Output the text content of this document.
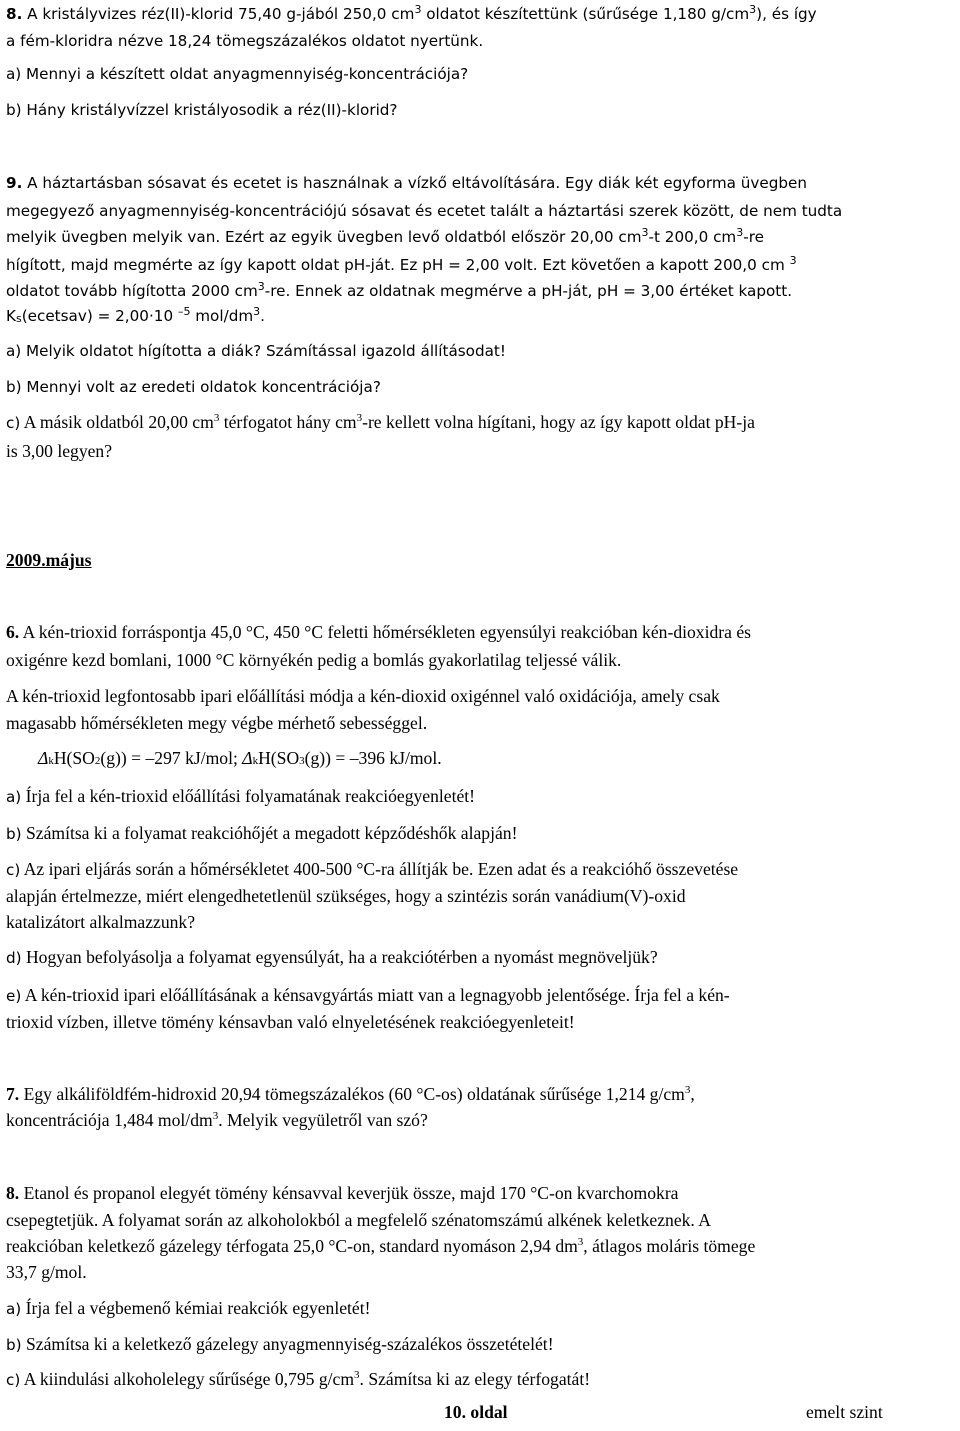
8. A kristályvizes réz(II)-klorid 75,40 g-jából 250,0 $cm^3$ oldatot készítettünk (sűrűsége 1,180 $g/cm^3$), és így
a fém-kloridra nézve 18,24 tömegszázalékos oldatot nyertünk.
a) Mennyi a készített oldat anyagmennyiség-koncentrációja?
b) Hány kristályvízzel kristályosodik a réz(II)-klorid?
9. A háztartásban sósavat és ecetet is használnak a vízkő eltávolítására. Egy diák két egyforma üvegben
megegyező anyagmennyiség-koncentrációjú sósavat és ecetet talált a háztartási szerek között, de nem tudta
melyik üvegben melyik van. Ezért az egyik üvegben levő oldatból először 20,00 $cm^3-t$ 200,0 $cm^3-re$
hígított, majd megmérte az így kapott oldat pH-ját. Ez pH = 2,00 volt. Ezt követően a kapott 200,0 cm $^3$
oldatot tovább hígította 2000 $cm^3-re$. Ennek az oldatnak megmérve a pH-ját, pH = 3,00 értéket kapott.
$K_s(ecetsav) = 2,00\cdot 10$ $^{-5}$ mol/$dm^3$.
a) Melyik oldatot hígította a diák? Számítással igazold állításodat!
b) Mennyi volt az eredeti oldatok koncentrációja?
c) A másik oldatból 20,00 $cm^3$ térfogatot hány $cm^3-re$ kellett volna hígítani, hogy az így kapott oldat pH-ja
is 3,00 legyen?
2009.május
6. A kén-trioxid forráspontja 45,0 °C, 450 °C feletti hőmérsékleten egyensúlyi reakcióban kén-dioxidra és
oxigénre kezd bomlani, 1000 °C környékén pedig a bomlás gyakorlatilag teljessé válik.
A kén-trioxid legfontosabb ipari előállítási módja a kén-dioxid oxigénnel való oxidációja, amely csak
magasabb hőmérsékleten megy végbe mérhető sebességgel.
$\Delta_kH(SO_2(g)) = -297$ kJ/mol; $\Delta_kH(SO_3(g)) = -396$ kJ/mol.
a) Írja fel a kén-trioxid előállítási folyamatának reakcióegyenletét!
b) Számítsa ki a folyamat reakcióhőjét a megadott képződéshők alapján!
c) Az ipari eljárás során a hőmérsékletet 400-500 °C-ra állítják be. Ezen adat és a reakcióhő összevetése
alapján értelmezze, miért elengedhetetlenül szükséges, hogy a szintézis során vanádium(V)-oxid
katalizátort alkalmazzunk?
d) Hogyan befolyásolja a folyamat egyensúlyát, ha a reakciótérben a nyomást megnöveljük?
e) A kén-trioxid ipari előállításának a kénsavgyártás miatt van a legnagyobb jelentősége. Írja fel a kén-
trioxid vízben, illetve tömény kénsavban való elnyeletésének reakcióegyenleteit!
7. Egy alkáliföldfém-hidroxid 20,94 tömegszázalékos (60 °C-os) oldatának sűrűsége 1,214 $g/cm^3$,
koncentrációja 1,484 mol/$dm^3$. Melyik vegyületről van szó?
8. Etanol és propanol elegyét tömény kénsavval keverjük össze, majd 170 °C-on kvarchomokra
csepegtetjük. A folyamat során az alkoholokból a megfelelő szénatomszámú alkének keletkeznek. A
reakcióban keletkező gázelegy térfogata 25,0 °C-on, standard nyomáson 2,94 $dm^3$, átlagos moláris tömege
33,7 g/mol.
a) Írja fel a végbemenő kémiai reakciók egyenletét!
b) Számítsa ki a keletkező gázelegy anyagmennyiség-százalékos összetételét!
c) A kiindulási alkoholelegy sűrűsége 0,795 $g/cm^3$. Számítsa ki az elegy térfogatát!
10. oldal	emelt szint
